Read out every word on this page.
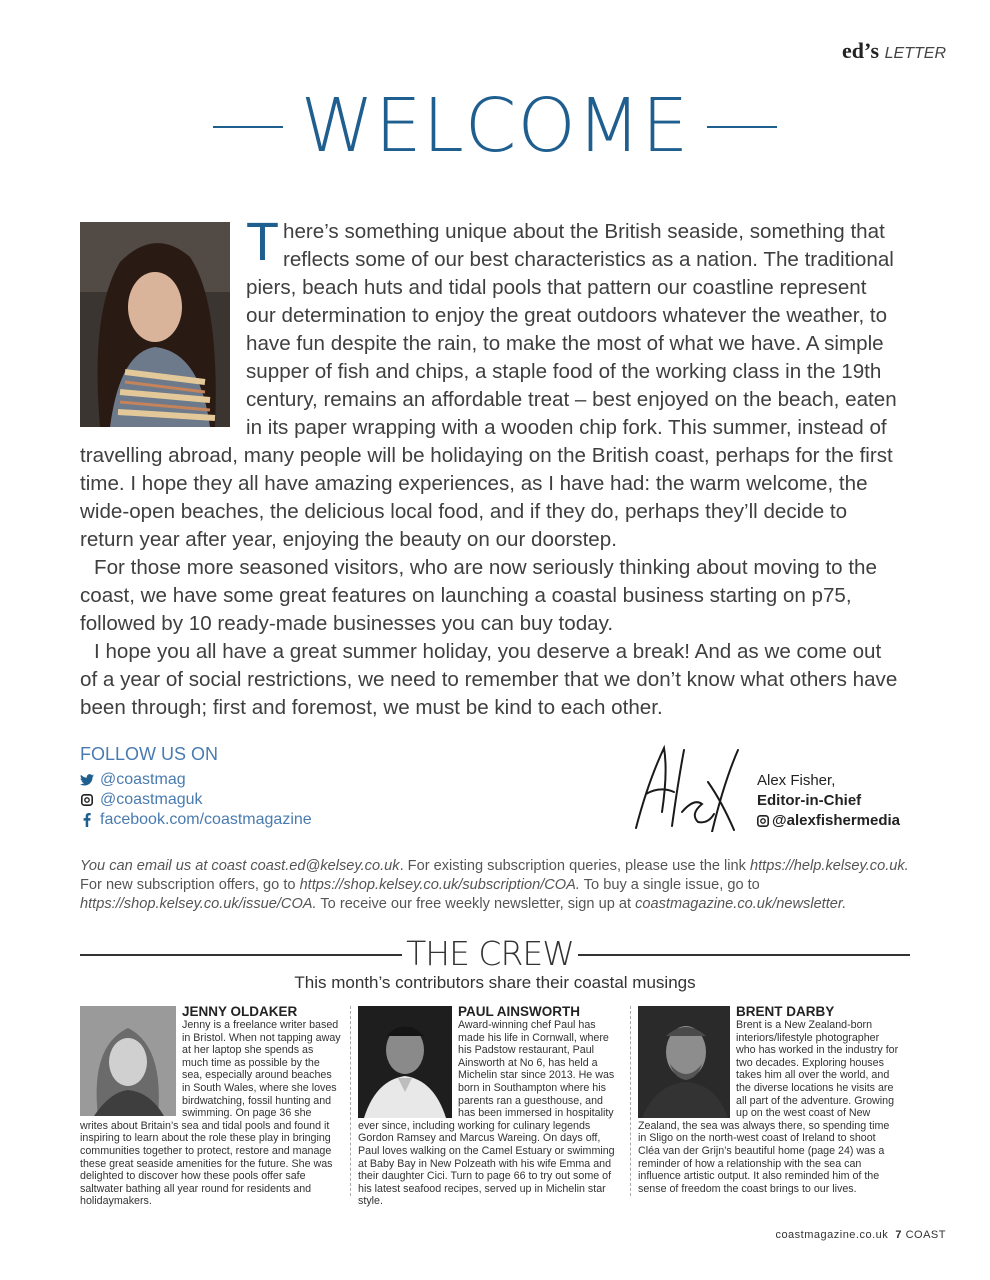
ed’s LETTER
WELCOME

There’s something unique about the British seaside, something that reflects some of our best characteristics as a nation. The traditional piers, beach huts and tidal pools that pattern our coastline represent our determination to enjoy the great outdoors whatever the weather, to have fun despite the rain, to make the most of what we have. A simple supper of fish and chips, a staple food of the working class in the 19th century, remains an affordable treat – best enjoyed on the beach, eaten in its paper wrapping with a wooden chip fork. This summer, instead of travelling abroad, many people will be holidaying on the British coast, perhaps for the first time. I hope they all have amazing experiences, as I have had: the warm welcome, the wide-open beaches, the delicious local food, and if they do, perhaps they’ll decide to return year after year, enjoying the beauty on our doorstep.

For those more seasoned visitors, who are now seriously thinking about moving to the coast, we have some great features on launching a coastal business starting on p75, followed by 10 ready-made businesses you can buy today.

I hope you all have a great summer holiday, you deserve a break! And as we come out of a year of social restrictions, we need to remember that we don’t know what others have been through; first and foremost, we must be kind to each other.

FOLLOW US ON
@coastmag
@coastmaguk
facebook.com/coastmagazine
Alex Fisher,
Editor-in-Chief
@alexfishermedia
You can email us at coast coast.ed@kelsey.co.uk. For existing subscription queries, please use the link https://help.kelsey.co.uk. For new subscription offers, go to https://shop.kelsey.co.uk/subscription/COA. To buy a single issue, go to https://shop.kelsey.co.uk/issue/COA. To receive our free weekly newsletter, sign up at coastmagazine.co.uk/newsletter.
THE CREW
This month’s contributors share their coastal musings
JENNY OLDAKER
Jenny is a freelance writer based in Bristol. When not tapping away at her laptop she spends as much time as possible by the sea, especially around beaches in South Wales, where she loves birdwatching, fossil hunting and swimming. On page 36 she writes about Britain’s sea and tidal pools and found it inspiring to learn about the role these play in bringing communities together to protect, restore and manage these great seaside amenities for the future. She was delighted to discover how these pools offer safe saltwater bathing all year round for residents and holidaymakers.
PAUL AINSWORTH
Award-winning chef Paul has made his life in Cornwall, where his Padstow restaurant, Paul Ainsworth at No 6, has held a Michelin star since 2013. He was born in Southampton where his parents ran a guesthouse, and has been immersed in hospitality ever since, including working for culinary legends Gordon Ramsey and Marcus Wareing. On days off, Paul loves walking on the Camel Estuary or swimming at Baby Bay in New Polzeath with his wife Emma and their daughter Cici. Turn to page 66 to try out some of his latest seafood recipes, served up in Michelin star style.
BRENT DARBY
Brent is a New Zealand-born interiors/lifestyle photographer who has worked in the industry for two decades. Exploring houses takes him all over the world, and the diverse locations he visits are all part of the adventure. Growing up on the west coast of New Zealand, the sea was always there, so spending time in Sligo on the north-west coast of Ireland to shoot Cléa van der Grijn’s beautiful home (page 24) was a reminder of how a relationship with the sea can influence artistic output. It also reminded him of the sense of freedom the coast brings to our lives.
coastmagazine.co.uk 7 COAST
